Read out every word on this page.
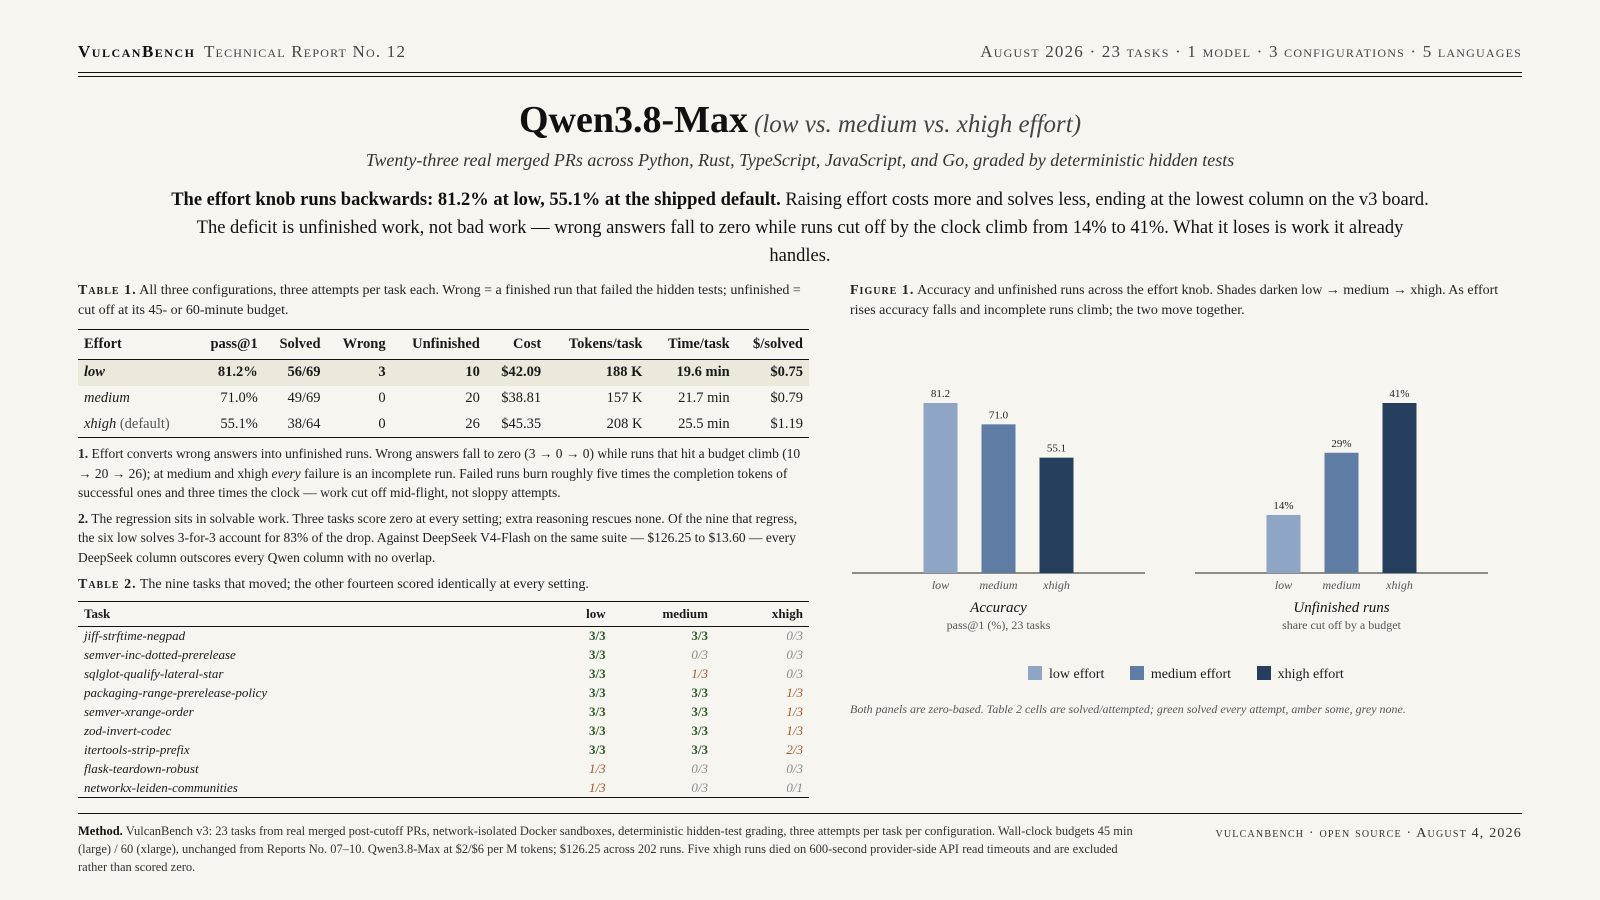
VulcanBench Technical Report No. 12	August 2026 · 23 tasks · 1 model · 3 configurations · 5 languages
Qwen3.8-Max (low vs. medium vs. xhigh effort)
Twenty-three real merged PRs across Python, Rust, TypeScript, JavaScript, and Go, graded by deterministic hidden tests
The effort knob runs backwards: 81.2% at low, 55.1% at the shipped default. Raising effort costs more and solves less, ending at the lowest column on the v3 board. The deficit is unfinished work, not bad work — wrong answers fall to zero while runs cut off by the clock climb from 14% to 41%. What it loses is work it already handles.
Table 1. All three configurations, three attempts per task each. Wrong = a finished run that failed the hidden tests; unfinished = cut off at its 45- or 60-minute budget.
Effort	pass@1	Solved	Wrong	Unfinished	Cost	Tokens/task	Time/task	$/solved
low	81.2%	56/69	3	10	$42.09	188 K	19.6 min	$0.75
medium	71.0%	49/69	0	20	$38.81	157 K	21.7 min	$0.79
xhigh (default)	55.1%	38/64	0	26	$45.35	208 K	25.5 min	$1.19
1. Effort converts wrong answers into unfinished runs. Wrong answers fall to zero (3 → 0 → 0) while runs that hit a budget climb (10 → 20 → 26); at medium and xhigh every failure is an incomplete run. Failed runs burn roughly five times the completion tokens of successful ones and three times the clock — work cut off mid-flight, not sloppy attempts.
2. The regression sits in solvable work. Three tasks score zero at every setting; extra reasoning rescues none. Of the nine that regress, the six low solves 3-for-3 account for 83% of the drop. Against DeepSeek V4-Flash on the same suite — $126.25 to $13.60 — every DeepSeek column outscores every Qwen column with no overlap.
Table 2. The nine tasks that moved; the other fourteen scored identically at every setting.
Task	low	medium	xhigh
jiff-strftime-negpad	3/3	3/3	0/3
semver-inc-dotted-prerelease	3/3	0/3	0/3
sqlglot-qualify-lateral-star	3/3	1/3	0/3
packaging-range-prerelease-policy	3/3	3/3	1/3
semver-xrange-order	3/3	3/3	1/3
zod-invert-codec	3/3	3/3	1/3
itertools-strip-prefix	3/3	3/3	2/3
flask-teardown-robust	1/3	0/3	0/3
networkx-leiden-communities	1/3	0/3	0/1
Figure 1. Accuracy and unfinished runs across the effort knob. Shades darken low → medium → xhigh. As effort rises accuracy falls and incomplete runs climb; the two move together.
81.2
low
71.0
medium
55.1
xhigh
Accuracy
pass@1 (%), 23 tasks
14%
low
29%
medium
41%
xhigh
Unfinished runs
share cut off by a budget
low effort	medium effort	xhigh effort
Both panels are zero-based. Table 2 cells are solved/attempted; green solved every attempt, amber some, grey none.
Method. VulcanBench v3: 23 tasks from real merged post-cutoff PRs, network-isolated Docker sandboxes, deterministic hidden-test grading, three attempts per task per configuration. Wall-clock budgets 45 min (large) / 60 (xlarge), unchanged from Reports No. 07–10. Qwen3.8-Max at $2/$6 per M tokens; $126.25 across 202 runs. Five xhigh runs died on 600-second provider-side API read timeouts and are excluded rather than scored zero.
vulcanbench · open source · August 4, 2026
